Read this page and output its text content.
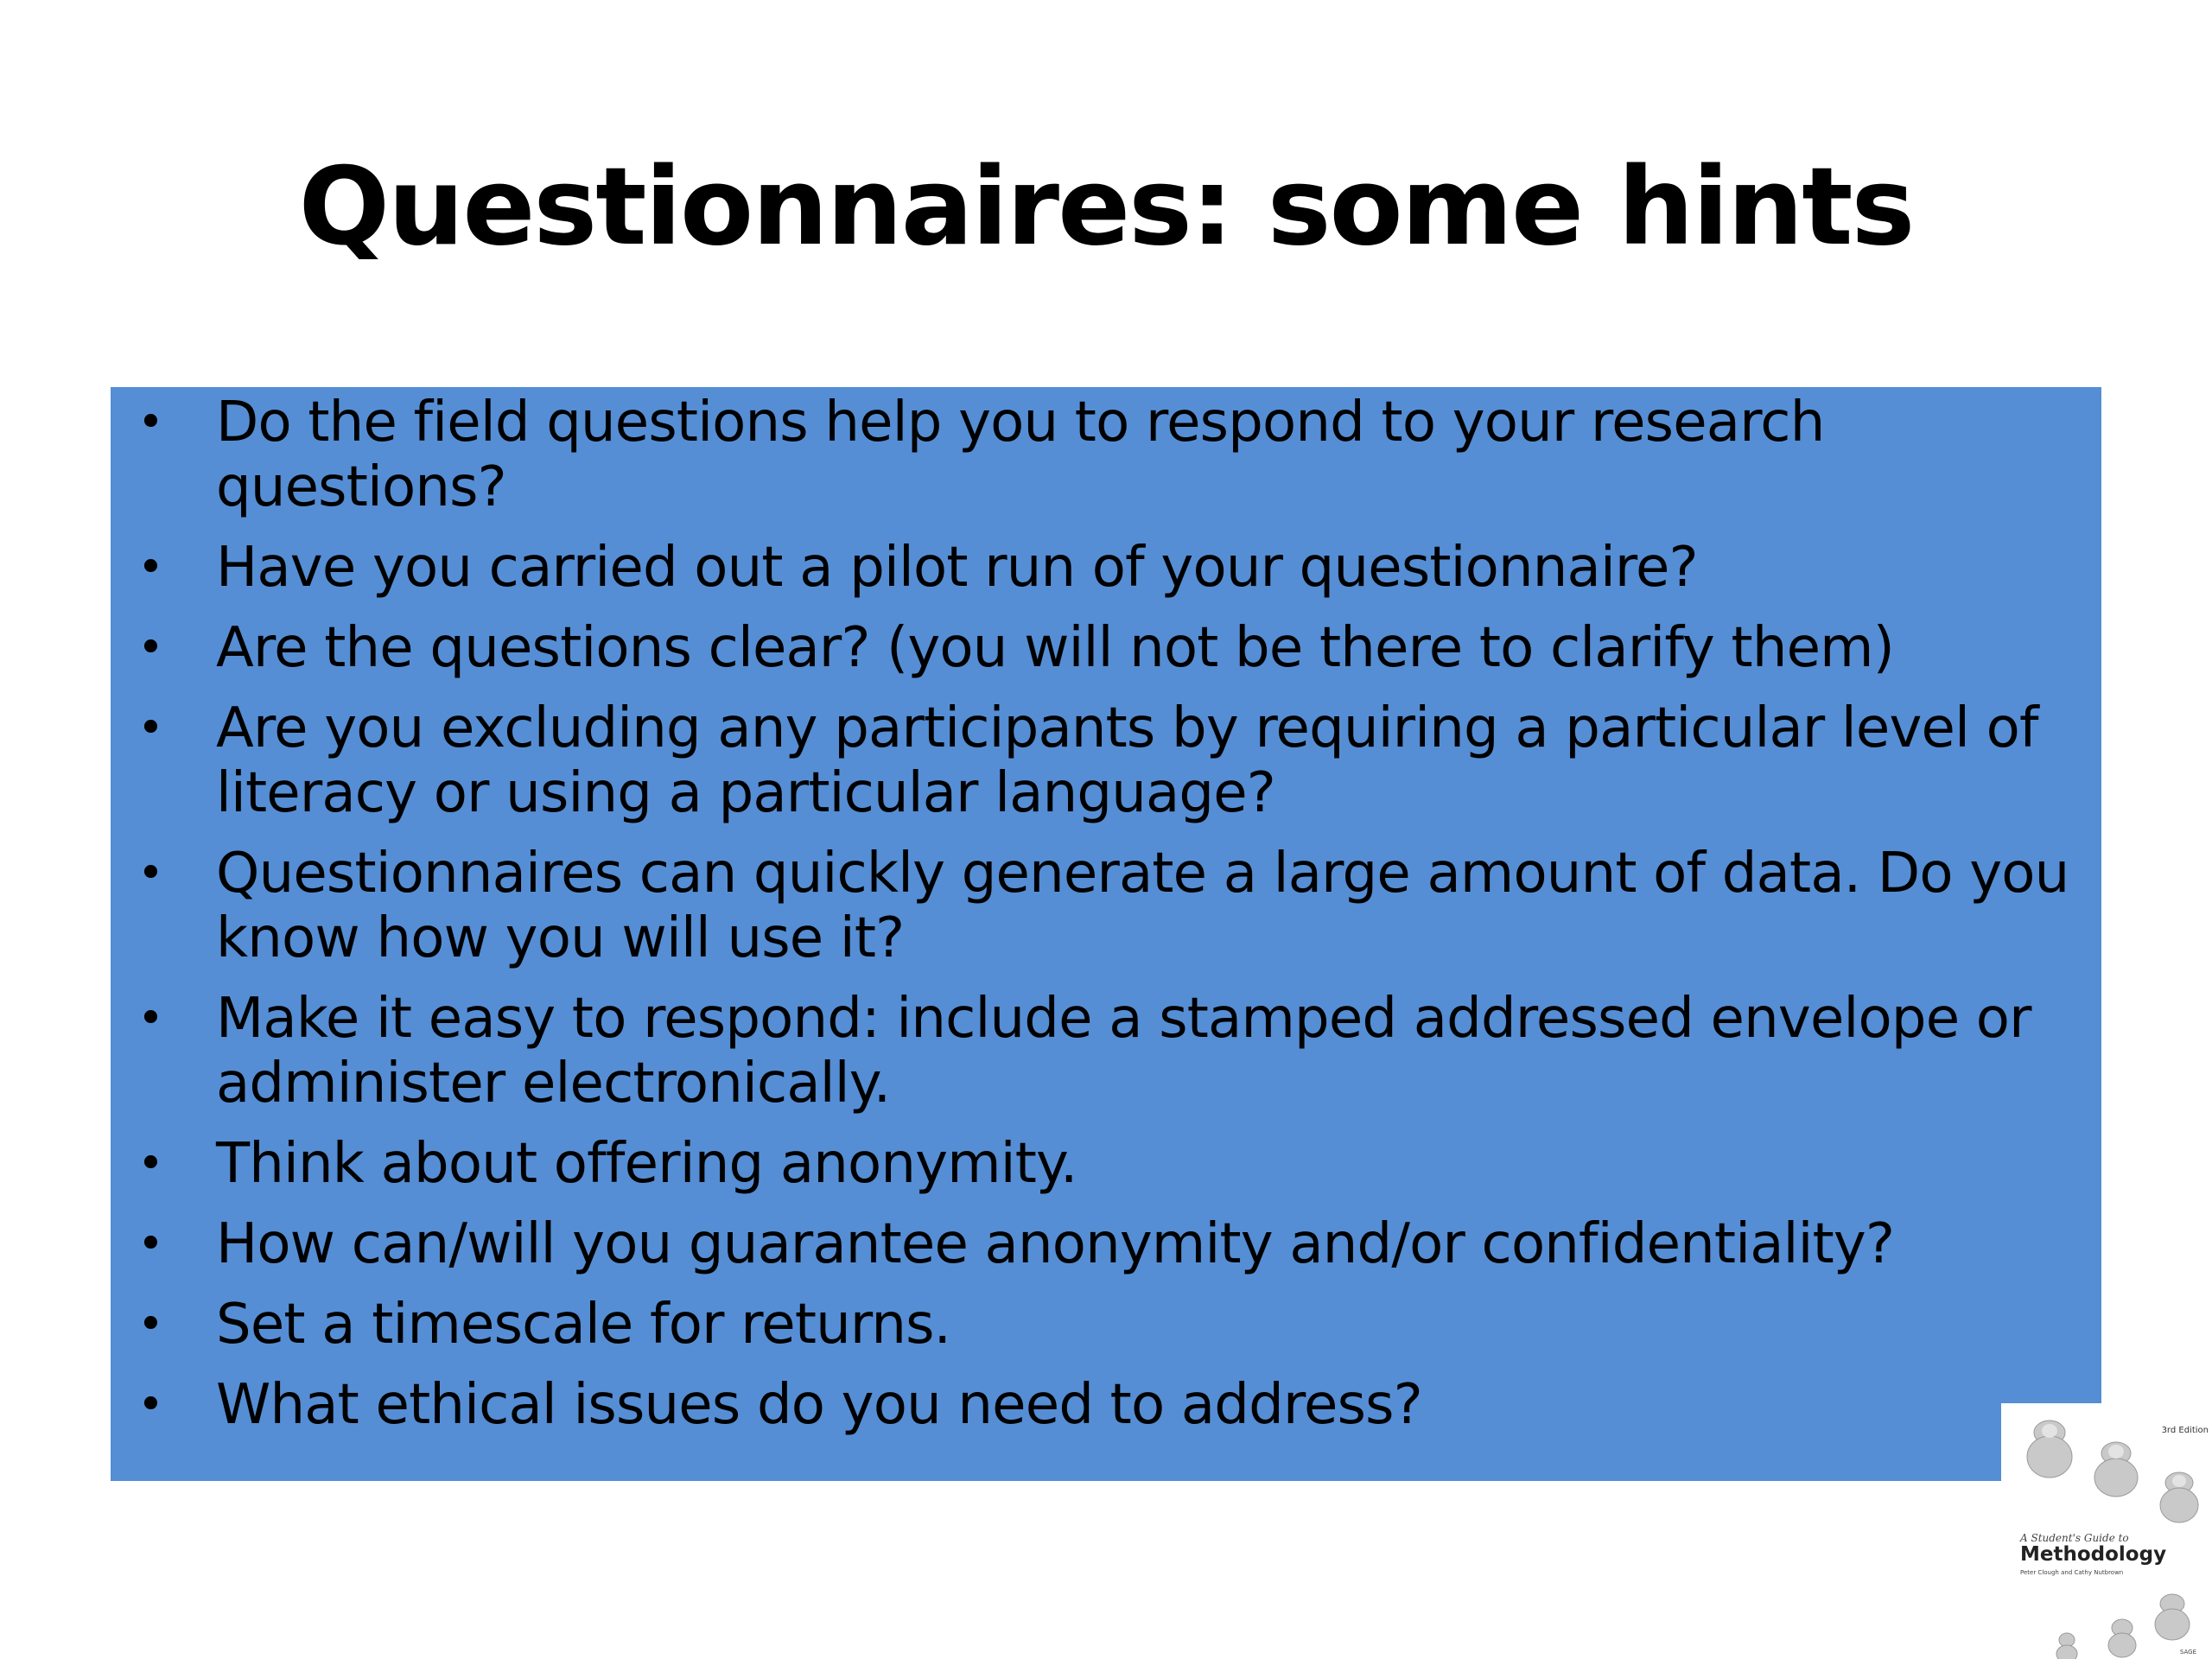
Questionnaires: some hints
• Do the field questions help you to respond to your research questions?
• Have you carried out a pilot run of your questionnaire?
• Are the questions clear? (you will not be there to clarify them)
• Are you excluding any participants by requiring a particular level of literacy or using a particular language?
• Questionnaires can quickly generate a large amount of data. Do you know how you will use it?
• Make it easy to respond: include a stamped addressed envelope or administer electronically.
• Think about offering anonymity.
• How can/will you guarantee anonymity and/or confidentiality?
• Set a timescale for returns.
• What ethical issues do you need to address?	3rd Edition
A Student's Guide to
Methodology
Peter Clough and Cathy Nutbrown
SAGE
